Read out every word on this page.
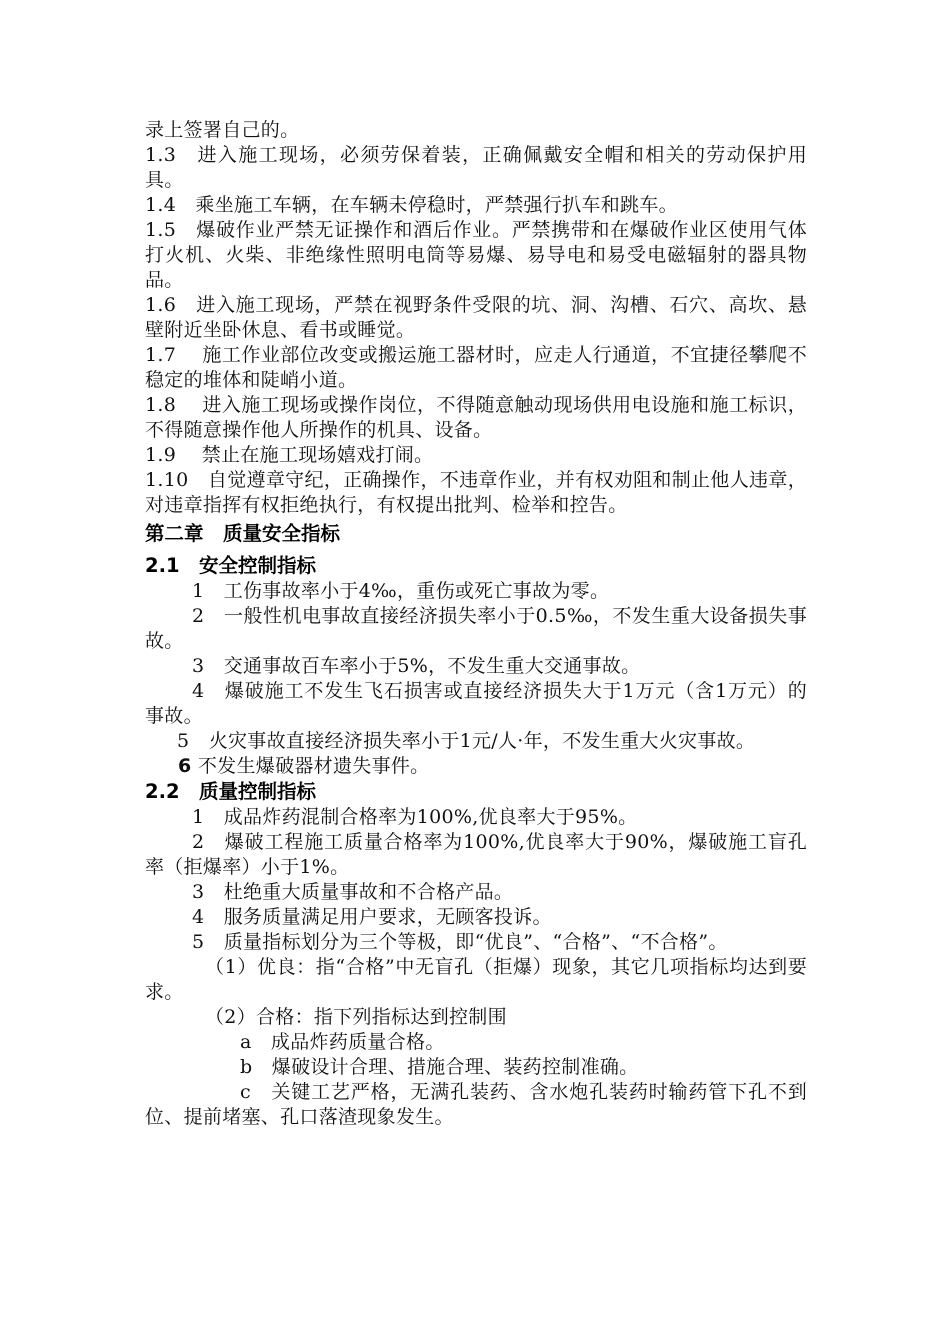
录上签署自己的。

1.3　进入施工现场，必须劳保着装，正确佩戴安全帽和相关的劳动保护用具。

1.4　乘坐施工车辆，在车辆未停稳时，严禁强行扒车和跳车。

1.5　爆破作业严禁无证操作和酒后作业。严禁携带和在爆破作业区使用气体打火机、火柴、非绝缘性照明电筒等易爆、易导电和易受电磁辐射的器具物品。

1.6　进入施工现场，严禁在视野条件受限的坑、洞、沟槽、石穴、高坎、悬壁附近坐卧休息、看书或睡觉。

1.7　 施工作业部位改变或搬运施工器材时，应走人行通道，不宜捷径攀爬不稳定的堆体和陡峭小道。

1.8　 进入施工现场或操作岗位，不得随意触动现场供用电设施和施工标识，不得随意操作他人所操作的机具、设备。

1.9　 禁止在施工现场嬉戏打闹。

1.10　自觉遵章守纪，正确操作，不违章作业，并有权劝阻和制止他人违章，对违章指挥有权拒绝执行，有权提出批判、检举和控告。

第二章　质量安全指标
2.1　安全控制指标

1　工伤事故率小于4‰，重伤或死亡事故为零。

2　一般性机电事故直接经济损失率小于0.5‰，不发生重大设备损失事故。

3　交通事故百车率小于5%，不发生重大交通事故。

4　爆破施工不发生飞石损害或直接经济损失大于1万元（含1万元）的事故。

5　火灾事故直接经济损失率小于1元/人·年，不发生重大火灾事故。

6 不发生爆破器材遗失事件。

2.2　质量控制指标

1　成品炸药混制合格率为100%,优良率大于95%。

2　爆破工程施工质量合格率为100%,优良率大于90%，爆破施工盲孔率（拒爆率）小于1%。

3　杜绝重大质量事故和不合格产品。

4　服务质量满足用户要求，无顾客投诉。

5　质量指标划分为三个等极，即“优良”、“合格”、“不合格”。

（1）优良：指“合格”中无盲孔（拒爆）现象，其它几项指标均达到要求。

（2）合格：指下列指标达到控制围

a　成品炸药质量合格。

b　爆破设计合理、措施合理、装药控制准确。

c　关键工艺严格，无满孔装药、含水炮孔装药时输药管下孔不到位、提前堵塞、孔口落渣现象发生。
